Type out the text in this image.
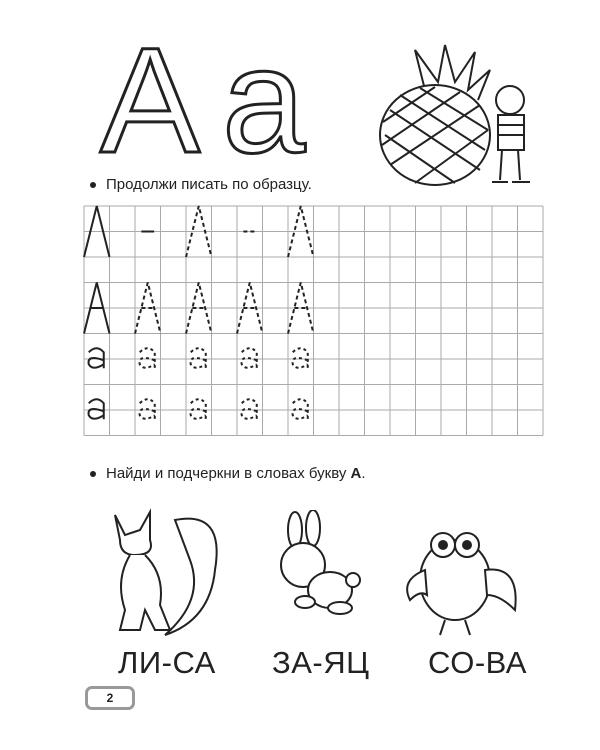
A a
Продолжи писать по образцу.
Найди и подчеркни в словах букву А.
ЛИ-СА ЗА-ЯЦ СО-ВА
2
